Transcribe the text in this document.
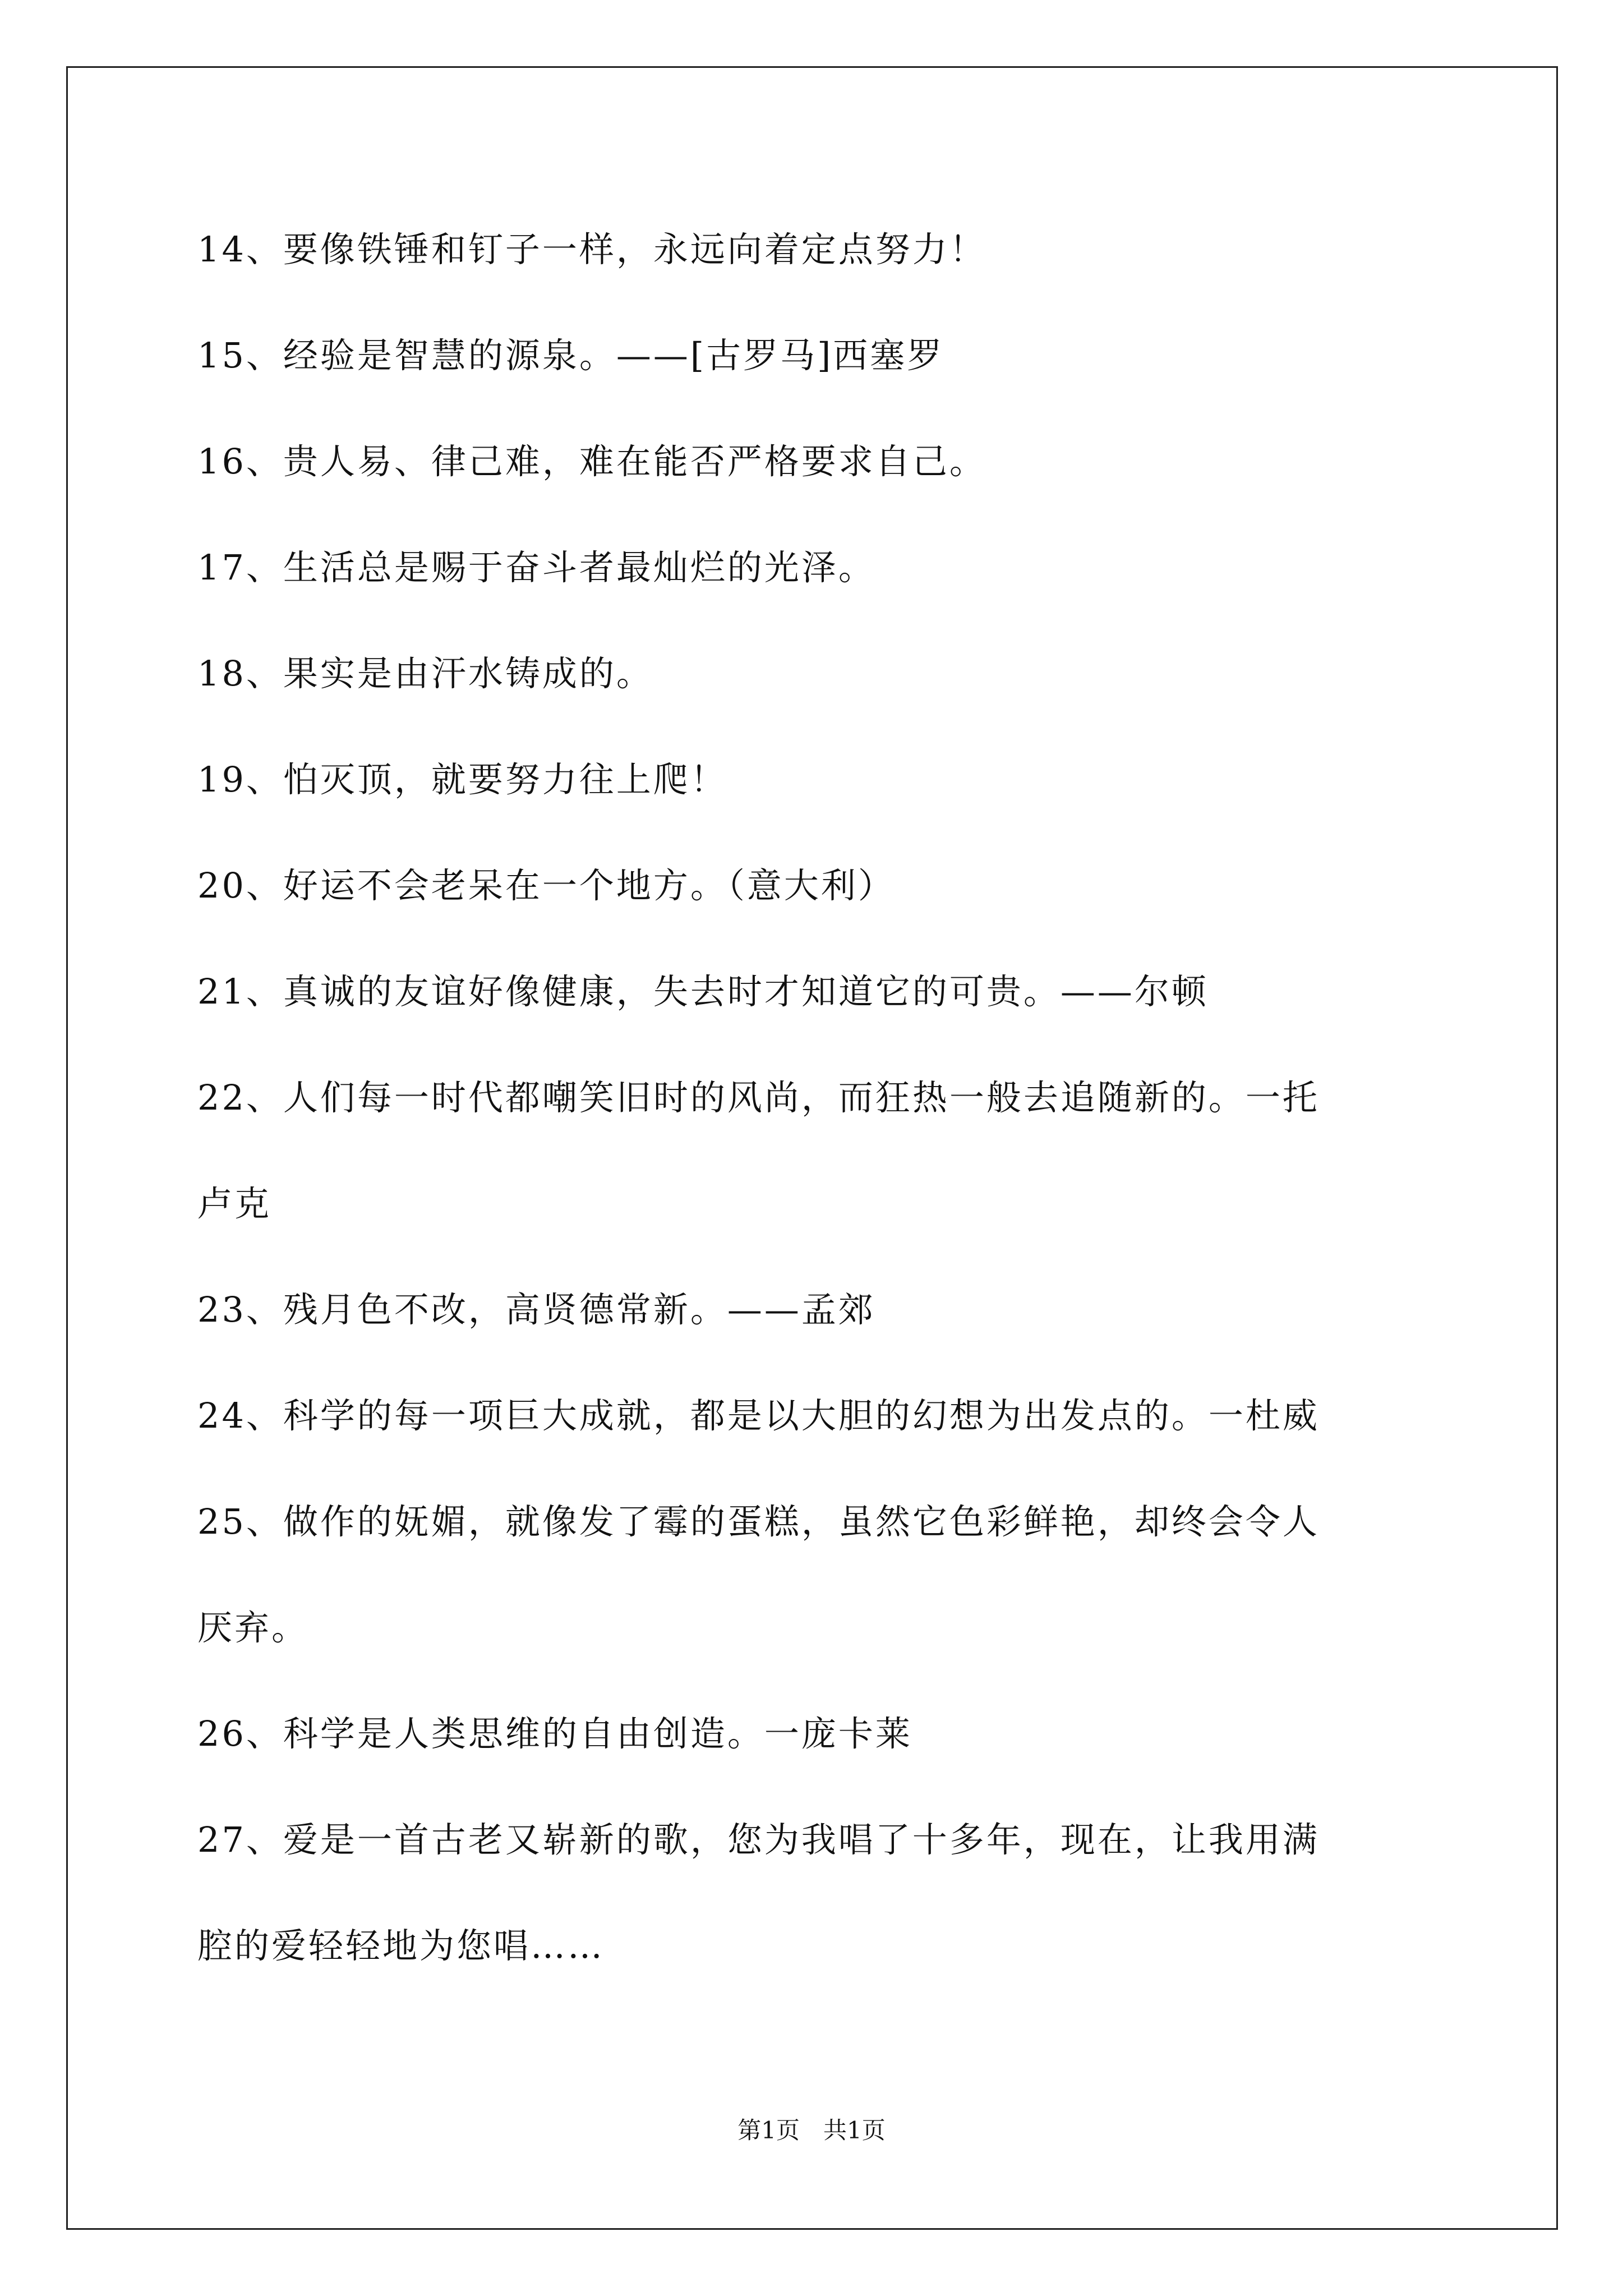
14、要像铁锤和钉子一样，永远向着定点努力！
15、经验是智慧的源泉。——[古罗马]西塞罗
16、贵人易、律己难，难在能否严格要求自己。
17、生活总是赐于奋斗者最灿烂的光泽。
18、果实是由汗水铸成的。
19、怕灭顶，就要努力往上爬！
20、好运不会老呆在一个地方。（意大利）
21、真诚的友谊好像健康，失去时才知道它的可贵。——尔顿
22、人们每一时代都嘲笑旧时的风尚，而狂热一般去追随新的。一托
卢克
23、残月色不改，高贤德常新。——孟郊
24、科学的每一项巨大成就，都是以大胆的幻想为出发点的。一杜威
25、做作的妩媚，就像发了霉的蛋糕，虽然它色彩鲜艳，却终会令人
厌弃。
26、科学是人类思维的自由创造。一庞卡莱
27、爱是一首古老又崭新的歌，您为我唱了十多年，现在，让我用满
腔的爱轻轻地为您唱……
第1页　共1页
